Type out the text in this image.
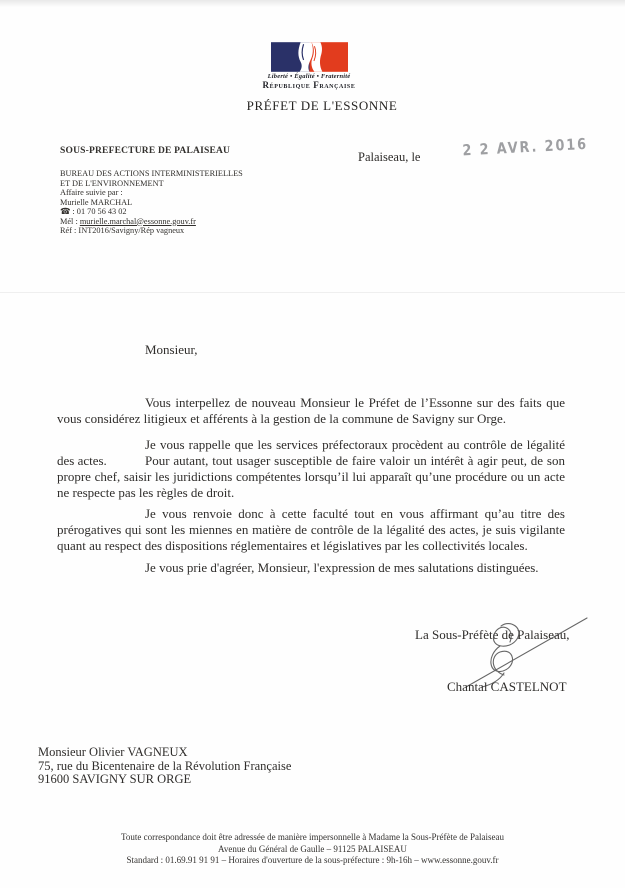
Liberté • Égalité • Fraternité
République Française
PRÉFET DE L'ESSONNE
SOUS-PREFECTURE DE PALAISEAU
BUREAU DES ACTIONS INTERMINISTERIELLES
ET DE L'ENVIRONNEMENT
Affaire suivie par :
Murielle MARCHAL
☎ : 01 70 56 43 02
Mél : murielle.marchal@essonne.gouv.fr
Réf : INT2016/Savigny/Rép vagneux
Palaiseau, le	2 2 AVR. 2016
Monsieur,
Vous interpellez de nouveau Monsieur le Préfet de l’Essonne sur des faits que vous considérez litigieux et afférents à la gestion de la commune de Savigny sur Orge.
Je vous rappelle que les services préfectoraux procèdent au contrôle de légalité des actes.	Pour autant, tout usager susceptible de faire valoir un intérêt à agir peut, de son propre chef, saisir les juridictions compétentes lorsqu’il lui apparaît qu’une procédure ou un acte ne respecte pas les règles de droit.
Je vous renvoie donc à cette faculté tout en vous affirmant qu’au titre des prérogatives qui sont les miennes en matière de contrôle de la légalité des actes, je suis vigilante quant au respect des dispositions réglementaires et législatives par les collectivités locales.
Je vous prie d'agréer, Monsieur, l'expression de mes salutations distinguées.
La Sous-Préfète de Palaiseau,
Chantal CASTELNOT
Monsieur Olivier VAGNEUX
75, rue du Bicentenaire de la Révolution Française
91600 SAVIGNY SUR ORGE
Toute correspondance doit être adressée de manière impersonnelle à Madame la Sous-Préfète de Palaiseau
Avenue du Général de Gaulle – 91125 PALAISEAU
Standard : 01.69.91 91 91 – Horaires d'ouverture de la sous-préfecture : 9h-16h – www.essonne.gouv.fr
